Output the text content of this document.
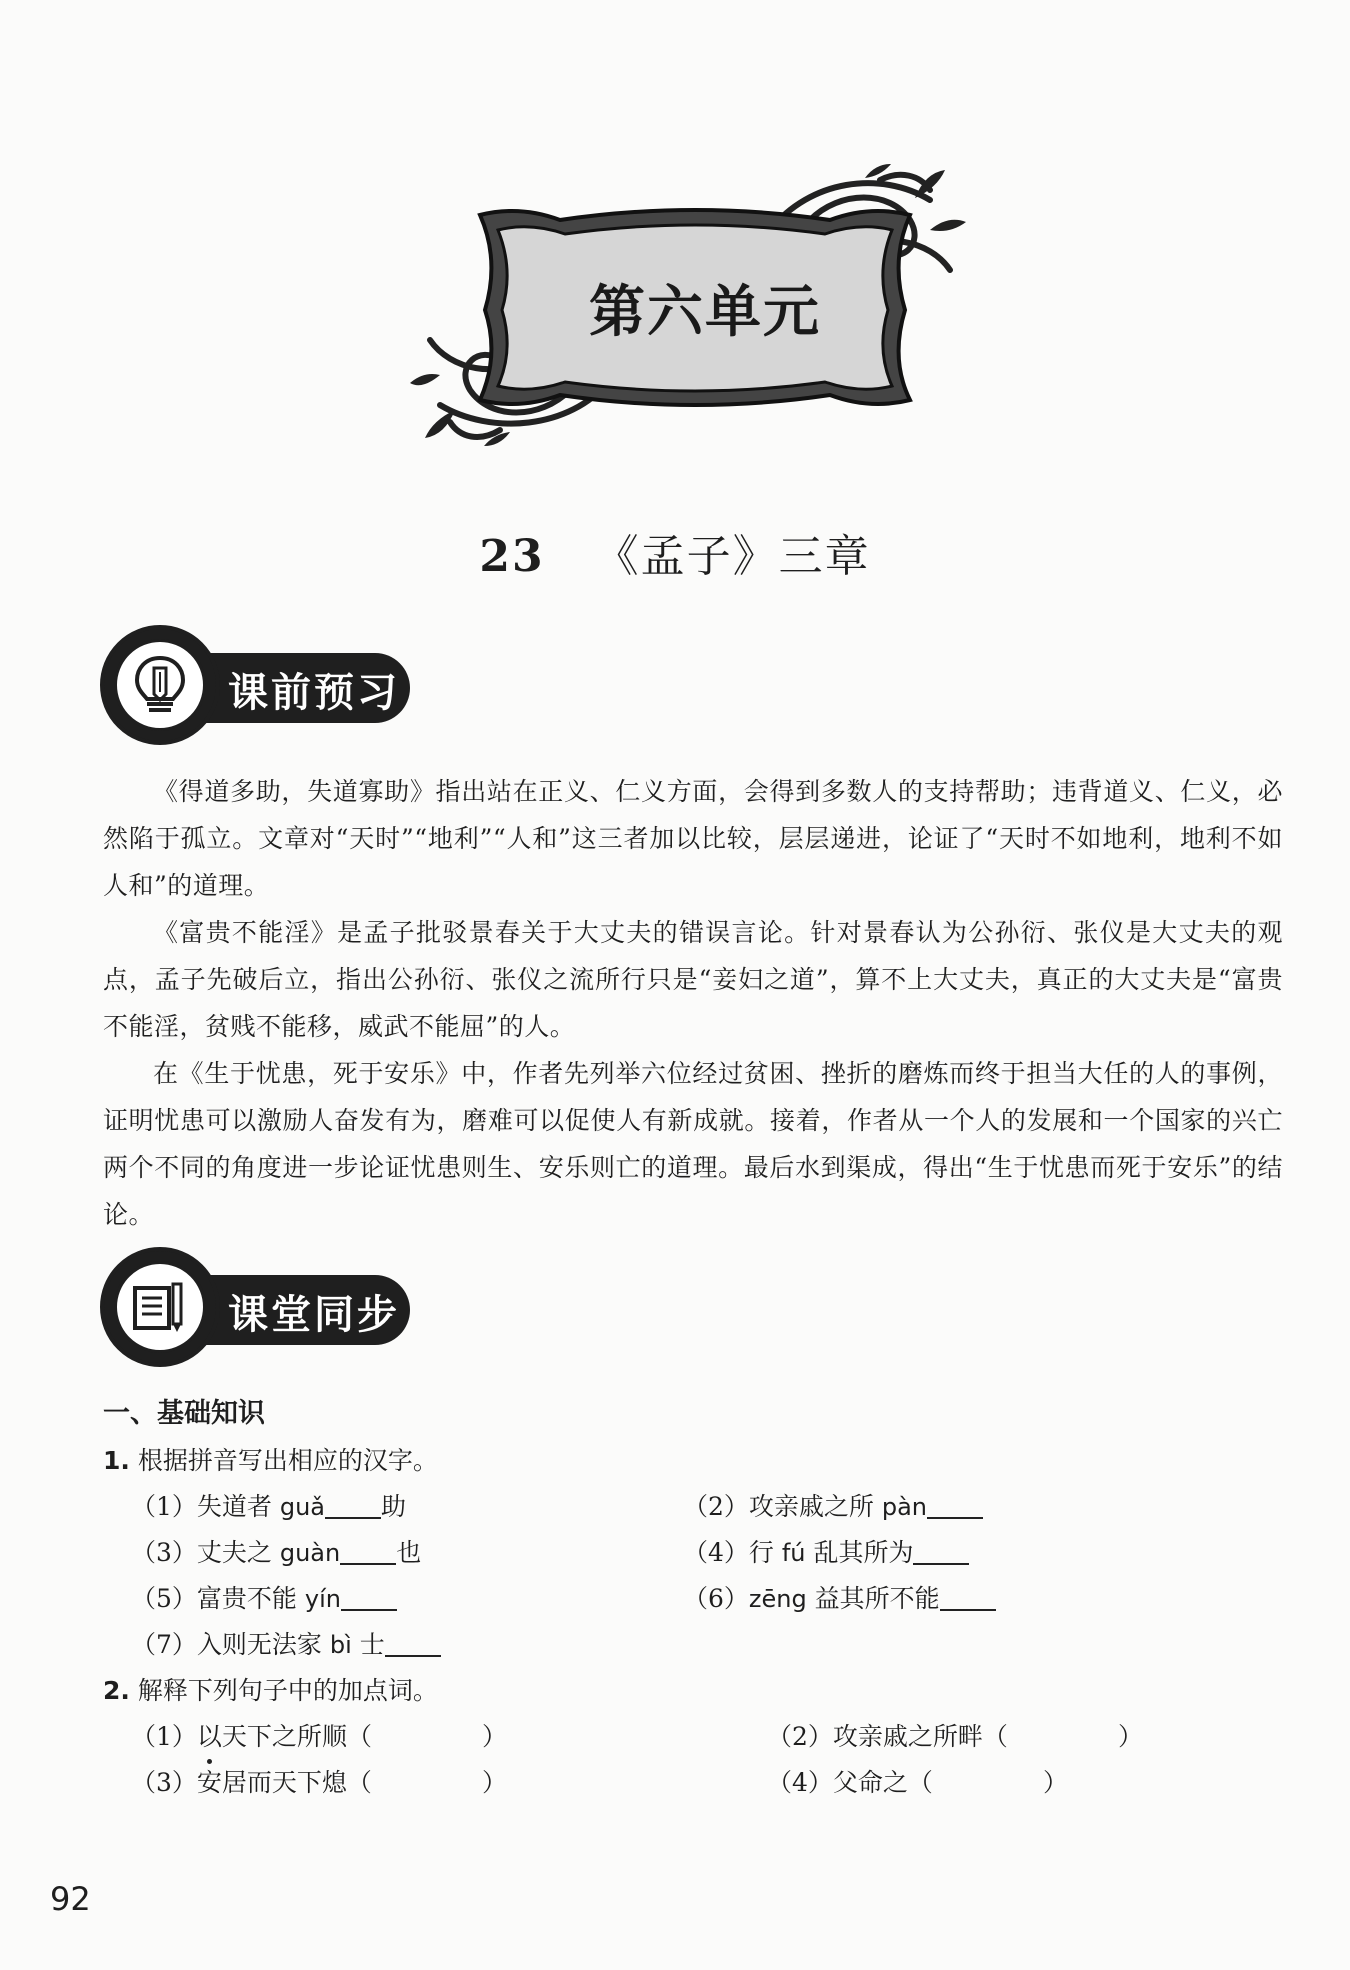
第六单元
23 《孟子》三章
课前预习

《得道多助，失道寡助》指出站在正义、仁义方面，会得到多数人的支持帮助；违背道义、仁义，必然陷于孤立。文章对“天时”“地利”“人和”这三者加以比较，层层递进，论证了“天时不如地利，地利不如人和”的道理。

《富贵不能淫》是孟子批驳景春关于大丈夫的错误言论。针对景春认为公孙衍、张仪是大丈夫的观点，孟子先破后立，指出公孙衍、张仪之流所行只是“妾妇之道”，算不上大丈夫，真正的大丈夫是“富贵不能淫，贫贱不能移，威武不能屈”的人。

在《生于忧患，死于安乐》中，作者先列举六位经过贫困、挫折的磨炼而终于担当大任的人的事例，证明忧患可以激励人奋发有为，磨难可以促使人有新成就。接着，作者从一个人的发展和一个国家的兴亡两个不同的角度进一步论证忧患则生、安乐则亡的道理。最后水到渠成，得出“生于忧患而死于安乐”的结论。

课堂同步
一、基础知识
1. 根据拼音写出相应的汉字。
（1）失道者 guǎ 助	（2）攻亲戚之所 pàn
（3）丈夫之 guàn 也	（4）行 fú 乱其所为
（5）富贵不能 yín	（6）zēng 益其所不能
（7）入则无法家 bì 士
2. 解释下列句子中的加点词。
（1）以天下之所顺（	）	（2）攻亲戚之所畔（	）
（3）安居而天下熄（	）	（4）父命之（	）
92
